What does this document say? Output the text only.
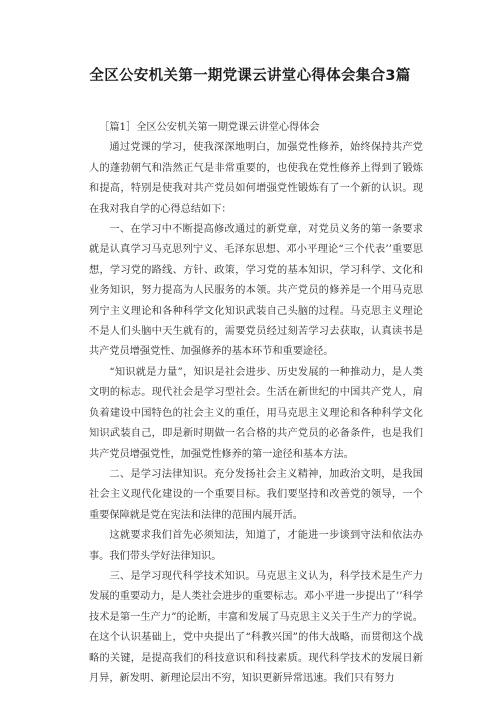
全区公安机关第一期党课云讲堂心得体会集合3篇

［篇1］全区公安机关第一期党课云讲堂心得体会

通过党课的学习，使我深深地明白，加强党性修养，始终保持共产党人的蓬勃朝气和浩然正气是非常重要的，也使我在党性修养上得到了锻炼和提高，特别是使我对共产党员如何增强党性锻炼有了一个新的认识。现在我对我自学的心得总结如下：

一、在学习中不断提高修改通过的新党章，对党员义务的第一条要求就是认真学习马克思列宁义、毛泽东思想、邓小平理论“三个代表’’重要思想，学习党的路线、方针、政策，学习党的基本知识，学习科学、文化和业务知识，努力提高为人民服务的本领。共产党员的修养是一个用马克思列宁主义理论和各种科学文化知识武装自己头脑的过程。马克思主义理论不是人们头脑中天生就有的，需要党员经过刻苦学习去获取，认真读书是共产党员增强党性、加强修养的基本环节和重要途径。

“知识就是力量”，知识是社会进步、历史发展的一种推动力，是人类文明的标志。现代社会是学习型社会。生活在新世纪的中国共产党人，肩负着建设中国特色的社会主义的重任，用马克思主义理论和各种科学文化知识武装自己，即是新时期做一名合格的共产党员的必备条件，也是我们共产党员增强党性，加强党性修养的第一途径和基本方法。

二、是学习法律知识。充分发扬社会主义精神，加政治文明，是我国社会主义现代化建设的一个重要目标。我们要坚持和改善党的领导，一个重要保障就是党在宪法和法律的范围内展开活。

这就要求我们首先必须知法，知道了，才能进一步谈到守法和依法办事。我们带头学好法律知识。

三、是学习现代科学技术知识。马克思主义认为，科学技术是生产力发展的重要动力，是人类社会进步的重要标志。邓小平进一步提出了’’科学技术是第一生产力”的论断，丰富和发展了马克思主义关于生产力的学说。在这个认识基础上，党中央提出了“科教兴国”的伟大战略，而贯彻这个战略的关键，是提高我们的科技意识和科技素质。现代科学技术的发展日新月异，新发明、新理论层出不穷，知识更新异常迅速。我们只有努力
